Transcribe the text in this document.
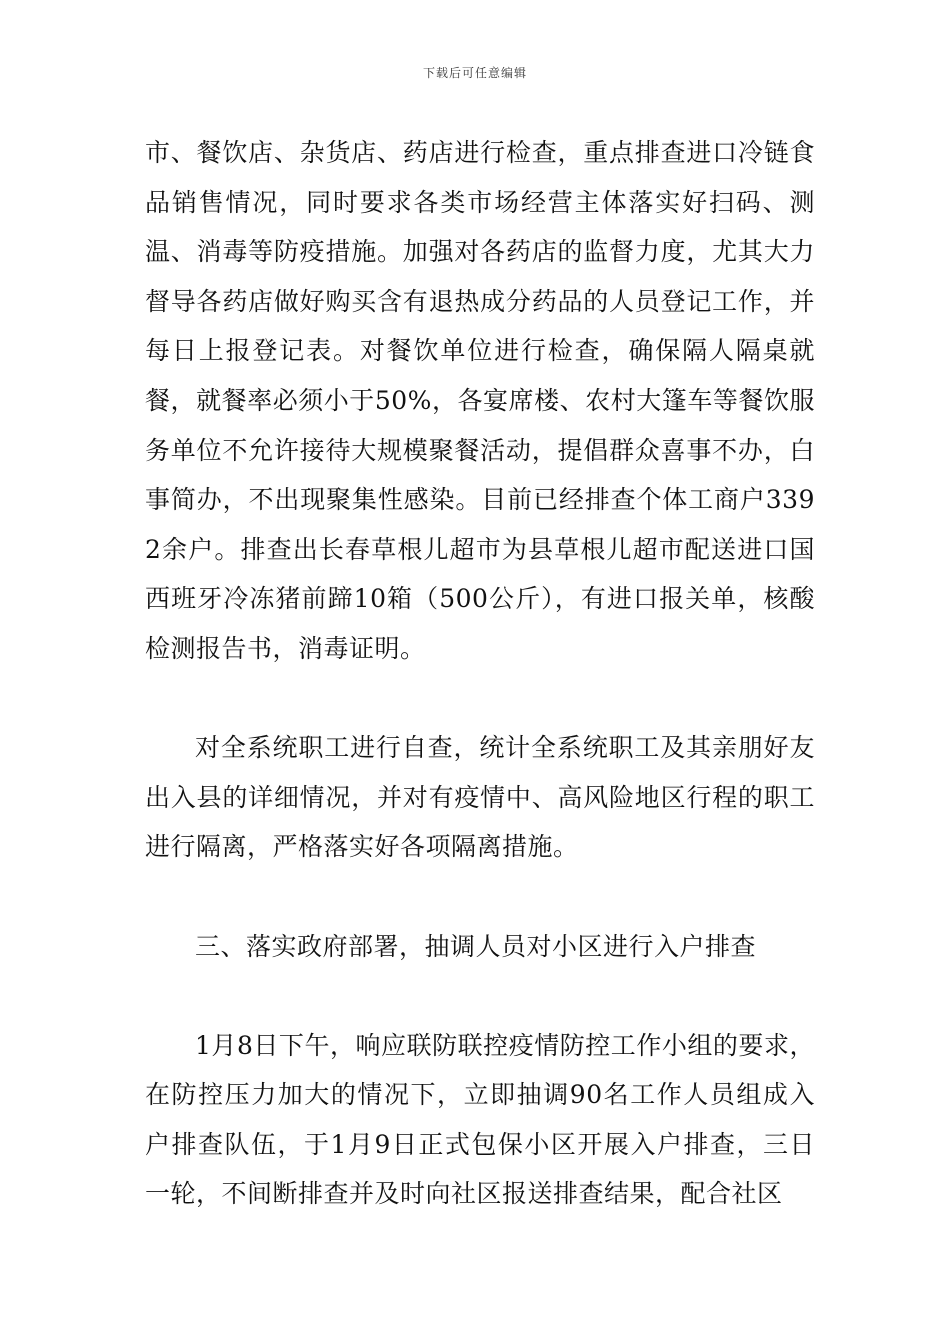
下载后可任意编辑

市、餐饮店、杂货店、药店进行检查，重点排查进口冷链食品销售情况，同时要求各类市场经营主体落实好扫码、测温、消毒等防疫措施。加强对各药店的监督力度，尤其大力督导各药店做好购买含有退热成分药品的人员登记工作，并每日上报登记表。对餐饮单位进行检查，确保隔人隔桌就餐，就餐率必须小于50%，各宴席楼、农村大篷车等餐饮服务单位不允许接待大规模聚餐活动，提倡群众喜事不办，白事简办，不出现聚集性感染。目前已经排查个体工商户3392余户。排查出长春草根儿超市为县草根儿超市配送进口国西班牙冷冻猪前蹄10箱（500公斤），有进口报关单，核酸检测报告书，消毒证明。

对全系统职工进行自查，统计全系统职工及其亲朋好友出入县的详细情况，并对有疫情中、高风险地区行程的职工进行隔离，严格落实好各项隔离措施。

三、落实政府部署，抽调人员对小区进行入户排查

1月8日下午，响应联防联控疫情防控工作小组的要求，在防控压力加大的情况下，立即抽调90名工作人员组成入户排查队伍，于1月9日正式包保小区开展入户排查，三日一轮，不间断排查并及时向社区报送排查结果，配合社区
